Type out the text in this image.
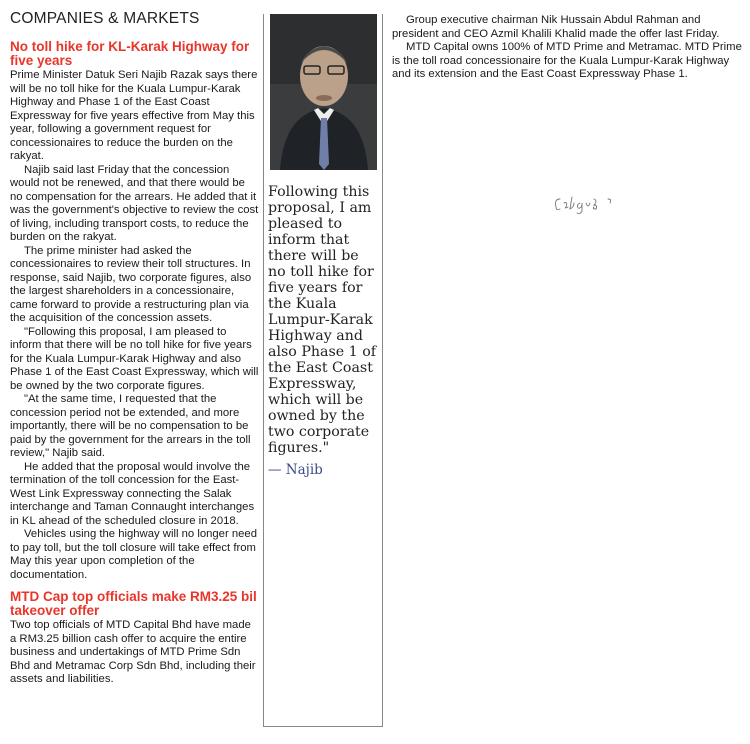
COMPANIES & MARKETS
No toll hike for KL-Karak Highway for five years

Prime Minister Datuk Seri Najib Razak says there will be no toll hike for the Kuala Lumpur-Karak Highway and Phase 1 of the East Coast Expressway for five years effective from May this year, following a government request for concessionaires to reduce the burden on the rakyat.

Najib said last Friday that the concession would not be renewed, and that there would be no compensation for the arrears. He added that it was the government's objective to review the cost of living, including transport costs, to reduce the burden on the rakyat.

The prime minister had asked the concessionaires to review their toll structures. In response, said Najib, two corporate figures, also the largest shareholders in a concessionaire, came forward to provide a restructuring plan via the acquisition of the concession assets.

"Following this proposal, I am pleased to inform that there will be no toll hike for five years for the Kuala Lumpur-Karak Highway and also Phase 1 of the East Coast Expressway, which will be owned by the two corporate figures.

"At the same time, I requested that the concession period not be extended, and more importantly, there will be no compensation to be paid by the government for the arrears in the toll review," Najib said.

He added that the proposal would involve the termination of the toll concession for the East-West Link Expressway connecting the Salak interchange and Taman Connaught interchanges in KL ahead of the scheduled closure in 2018.

Vehicles using the highway will no longer need to pay toll, but the toll closure will take effect from May this year upon completion of the documentation.

MTD Cap top officials make RM3.25 bil takeover offer

Two top officials of MTD Capital Bhd have made a RM3.25 billion cash offer to acquire the entire business and undertakings of MTD Prime Sdn Bhd and Metramac Corp Sdn Bhd, including their assets and liabilities.

Following this proposal, I am pleased to inform that there will be no toll hike for five years for the Kuala Lumpur-Karak Highway and also Phase 1 of the East Coast Expressway, which will be owned by the two corporate figures."
— Najib

Group executive chairman Nik Hussain Abdul Rahman and president and CEO Azmil Khalili Khalid made the offer last Friday.

MTD Capital owns 100% of MTD Prime and Metramac. MTD Prime is the toll road concessionaire for the Kuala Lumpur-Karak Highway and its extension and the East Coast Expressway Phase 1.
